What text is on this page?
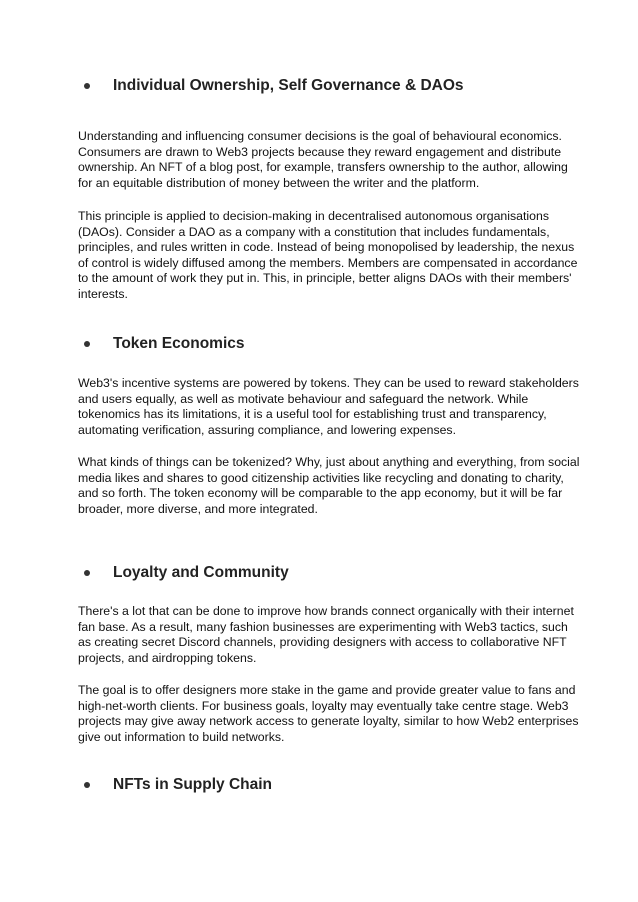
Individual Ownership, Self Governance & DAOs

Understanding and influencing consumer decisions is the goal of behavioural economics.
Consumers are drawn to Web3 projects because they reward engagement and distribute
ownership. An NFT of a blog post, for example, transfers ownership to the author, allowing
for an equitable distribution of money between the writer and the platform.

This principle is applied to decision-making in decentralised autonomous organisations
(DAOs). Consider a DAO as a company with a constitution that includes fundamentals,
principles, and rules written in code. Instead of being monopolised by leadership, the nexus
of control is widely diffused among the members. Members are compensated in accordance
to the amount of work they put in. This, in principle, better aligns DAOs with their members'
interests.

Token Economics

Web3's incentive systems are powered by tokens. They can be used to reward stakeholders
and users equally, as well as motivate behaviour and safeguard the network. While
tokenomics has its limitations, it is a useful tool for establishing trust and transparency,
automating verification, assuring compliance, and lowering expenses.

What kinds of things can be tokenized? Why, just about anything and everything, from social
media likes and shares to good citizenship activities like recycling and donating to charity,
and so forth. The token economy will be comparable to the app economy, but it will be far
broader, more diverse, and more integrated.

Loyalty and Community

There's a lot that can be done to improve how brands connect organically with their internet
fan base. As a result, many fashion businesses are experimenting with Web3 tactics, such
as creating secret Discord channels, providing designers with access to collaborative NFT
projects, and airdropping tokens.

The goal is to offer designers more stake in the game and provide greater value to fans and
high-net-worth clients. For business goals, loyalty may eventually take centre stage. Web3
projects may give away network access to generate loyalty, similar to how Web2 enterprises
give out information to build networks.

NFTs in Supply Chain
